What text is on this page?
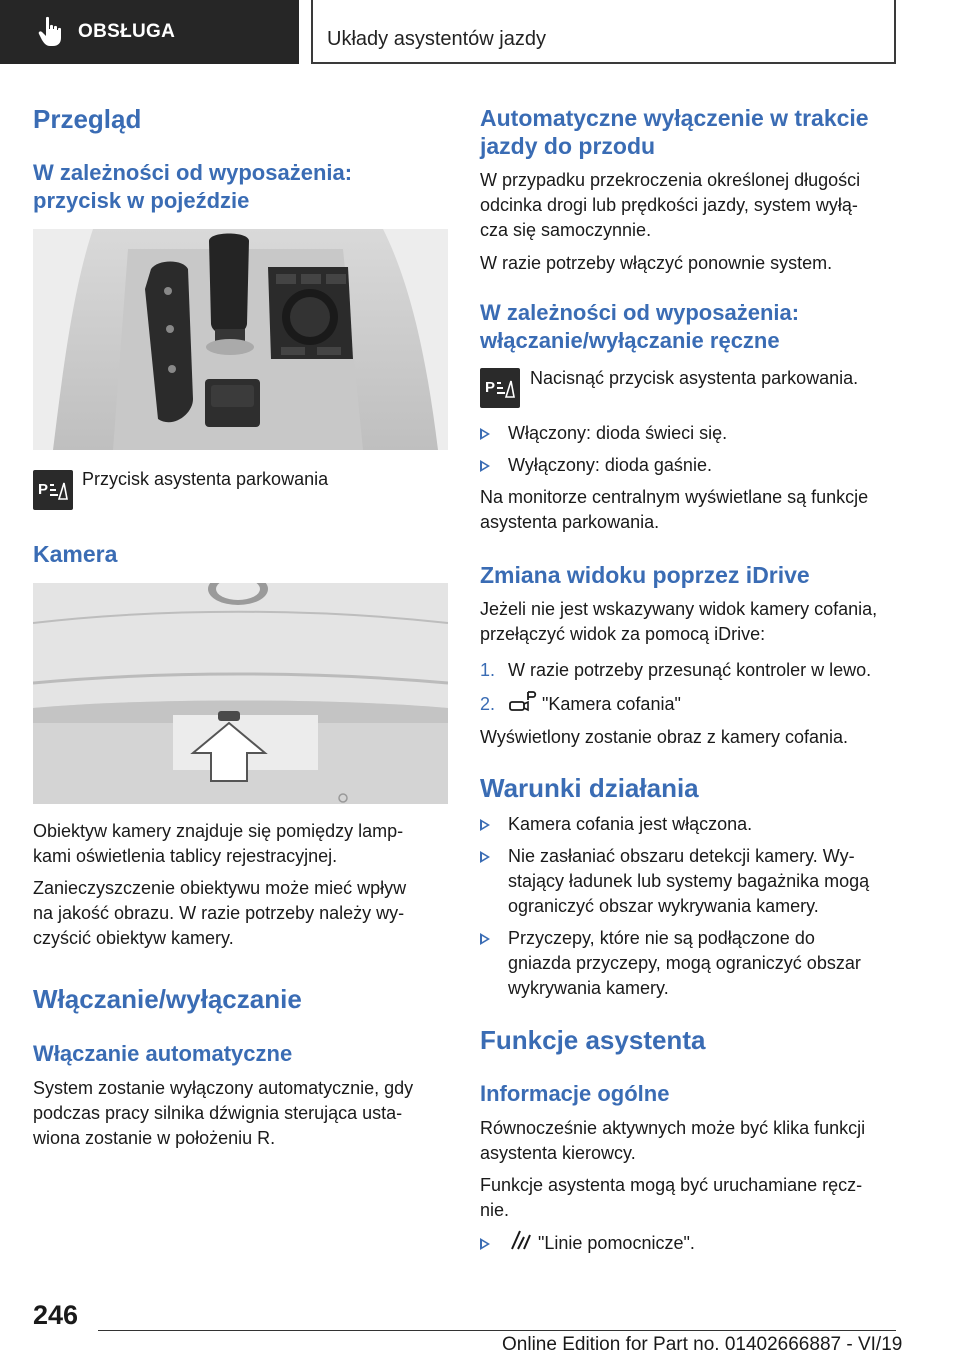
OBSŁUGA	Układy asystentów jazdy
Przegląd
W zależności od wyposażenia:
przycisk w pojeździe
P
Przycisk asystenta parkowania
Kamera
Obiektyw kamery znajduje się pomiędzy lamp‐
kami oświetlenia tablicy rejestracyjnej.
Zanieczyszczenie obiektywu może mieć wpływ
na jakość obrazu. W razie potrzeby należy wy‐
czyścić obiektyw kamery.
Włączanie/wyłączanie
Włączanie automatyczne
System zostanie wyłączony automatycznie, gdy
podczas pracy silnika dźwignia sterująca usta‐
wiona zostanie w położeniu R.
Automatyczne wyłączenie w trakcie
jazdy do przodu
W przypadku przekroczenia określonej długości
odcinka drogi lub prędkości jazdy, system wyłą‐
cza się samoczynnie.
W razie potrzeby włączyć ponownie system.
W zależności od wyposażenia:
włączanie/wyłączanie ręczne
P Nacisnąć przycisk asystenta parkowania.
Włączony: dioda świeci się.
Wyłączony: dioda gaśnie.
Na monitorze centralnym wyświetlane są funkcje
asystenta parkowania.
Zmiana widoku poprzez iDrive
Jeżeli nie jest wskazywany widok kamery cofania,
przełączyć widok za pomocą iDrive:
1. W razie potrzeby przesunąć kontroler w lewo.
2.	"Kamera cofania"
Wyświetlony zostanie obraz z kamery cofania.
Warunki działania
Kamera cofania jest włączona.
Nie zasłaniać obszaru detekcji kamery. Wy‐
stający ładunek lub systemy bagażnika mogą
ograniczyć obszar wykrywania kamery.
Przyczepy, które nie są podłączone do
gniazda przyczepy, mogą ograniczyć obszar
wykrywania kamery.
Funkcje asystenta
Informacje ogólne
Równocześnie aktywnych może być klika funkcji
asystenta kierowcy.
Funkcje asystenta mogą być uruchamiane ręcz‐
nie.
"Linie pomocnicze".
246
Online Edition for Part no. 01402666887 - VI/19
